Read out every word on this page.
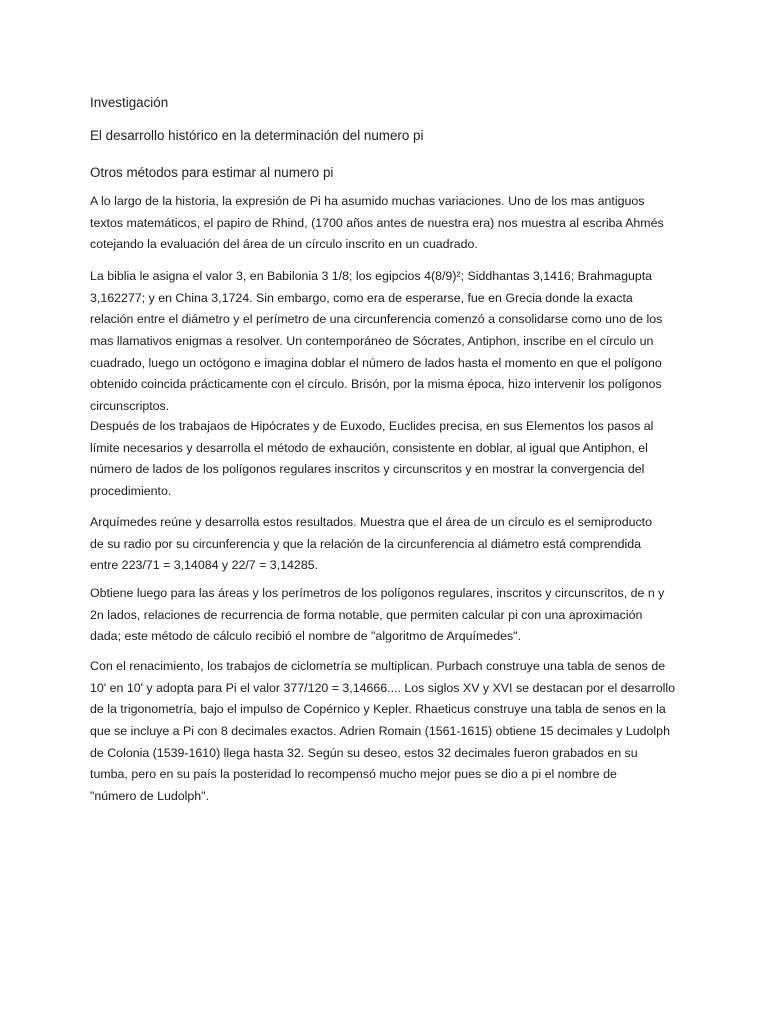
Investigación
El desarrollo histórico en la determinación del numero pi
Otros métodos para estimar al numero pi
A lo largo de la historia, la expresión de Pi ha asumido muchas variaciones. Uno de los mas antiguos
textos matemáticos, el papiro de Rhind, (1700 años antes de nuestra era) nos muestra al escriba Ahmés
cotejando la evaluación del área de un círculo inscrito en un cuadrado.
La biblia le asigna el valor 3, en Babilonia 3 1/8; los egipcios 4(8/9)²; Siddhantas 3,1416; Brahmagupta
3,162277; y en China 3,1724. Sin embargo, como era de esperarse, fue en Grecia donde la exacta
relación entre el diámetro y el perímetro de una circunferencia comenzó a consolidarse como uno de los
mas llamativos enigmas a resolver. Un contemporáneo de Sócrates, Antiphon, inscribe en el círculo un
cuadrado, luego un octógono e imagina doblar el número de lados hasta el momento en que el polígono
obtenido coincida prácticamente con el círculo. Brisón, por la misma época, hizo intervenir los polígonos
circunscriptos.
Después de los trabajaos de Hipócrates y de Euxodo, Euclides precisa, en sus Elementos los pasos al
límite necesarios y desarrolla el método de exhaución, consistente en doblar, al igual que Antiphon, el
número de lados de los polígonos regulares inscritos y circunscritos y en mostrar la convergencia del
procedimiento.
Arquímedes reúne y desarrolla estos resultados. Muestra que el área de un círculo es el semiproducto
de su radio por su circunferencia y que la relación de la circunferencia al diámetro está comprendida
entre 223/71 = 3,14084 y 22/7 = 3,14285.
Obtiene luego para las áreas y los perímetros de los polígonos regulares, inscritos y circunscritos, de n y
2n lados, relaciones de recurrencia de forma notable, que permiten calcular pi con una aproximación
dada; este método de cálculo recibió el nombre de "algoritmo de Arquímedes".
Con el renacimiento, los trabajos de ciclometría se multiplican. Purbach construye una tabla de senos de
10' en 10' y adopta para Pi el valor 377/120 = 3,14666.... Los siglos XV y XVI se destacan por el desarrollo
de la trigonometría, bajo el impulso de Copérnico y Kepler. Rhaeticus construye una tabla de senos en la
que se incluye a Pi con 8 decimales exactos. Adrien Romain (1561-1615) obtiene 15 decimales y Ludolph
de Colonia (1539-1610) llega hasta 32. Según su deseo, estos 32 decimales fueron grabados en su
tumba, pero en su país la posteridad lo recompensó mucho mejor pues se dio a pi el nombre de
"número de Ludolph".
